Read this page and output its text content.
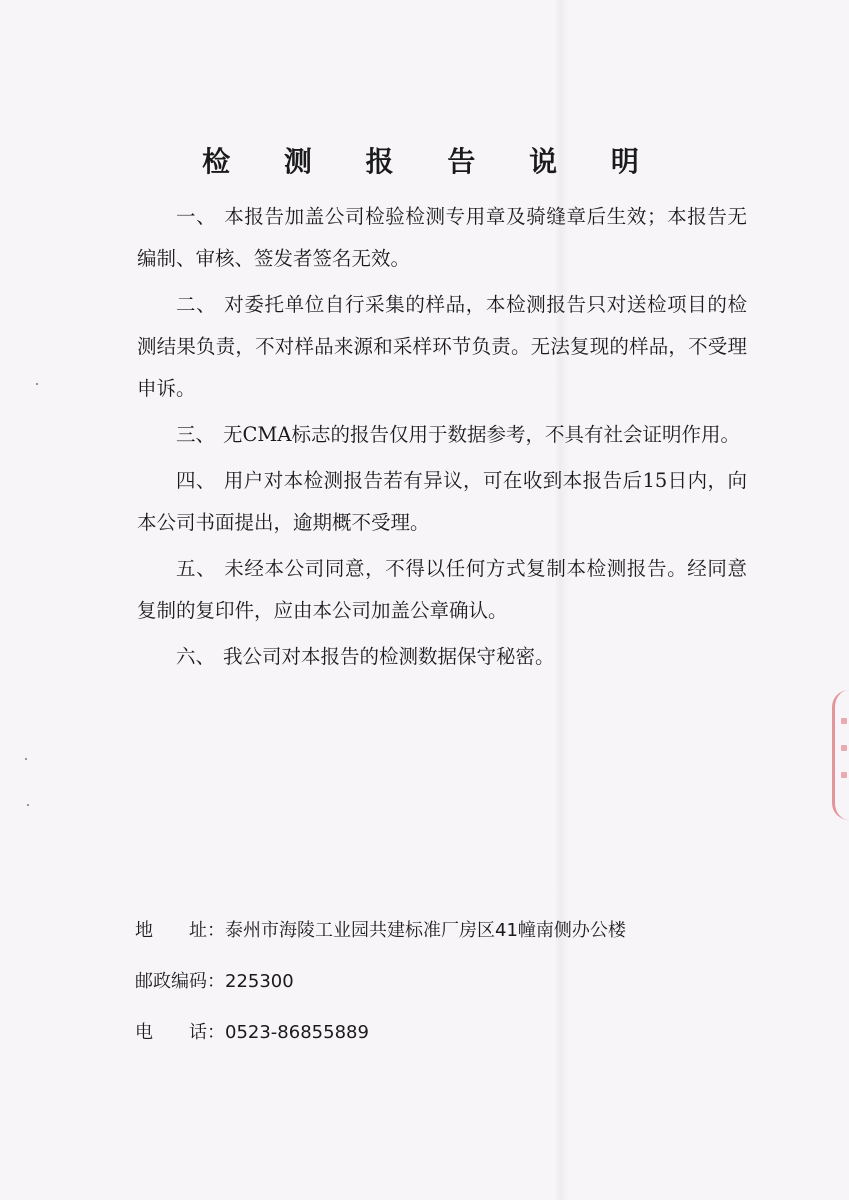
检 测 报 告 说 明

一、 本报告加盖公司检验检测专用章及骑缝章后生效；本报告无编制、审核、签发者签名无效。

二、 对委托单位自行采集的样品，本检测报告只对送检项目的检测结果负责，不对样品来源和采样环节负责。无法复现的样品，不受理申诉。

三、 无CMA标志的报告仅用于数据参考，不具有社会证明作用。

四、 用户对本检测报告若有异议，可在收到本报告后15日内，向本公司书面提出，逾期概不受理。

五、 未经本公司同意，不得以任何方式复制本检测报告。经同意复制的复印件，应由本公司加盖公章确认。

六、 我公司对本报告的检测数据保守秘密。

地　　址：泰州市海陵工业园共建标准厂房区41幢南侧办公楼
邮政编码：225300
电　　话：0523-86855889
